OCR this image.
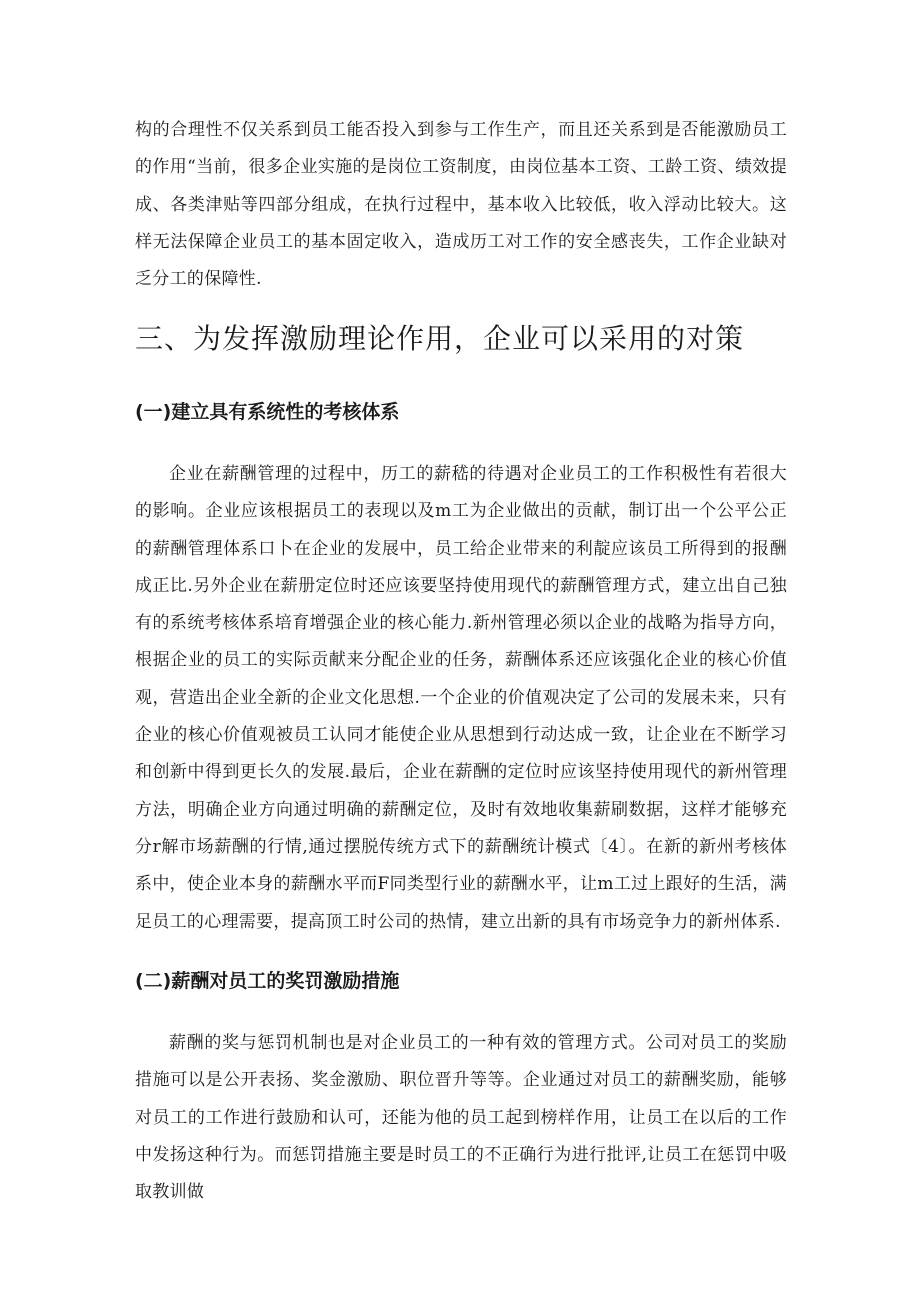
构的合理性不仅关系到员工能否投入到参与工作生产，而且还关系到是否能激励员工的作用“当前，很多企业实施的是岗位工资制度，由岗位基本工资、工龄工资、绩效提成、各类津贴等四部分组成，在执行过程中，基本收入比较低，收入浮动比较大。这样无法保障企业员工的基本固定收入，造成历工对工作的安全感丧失，工作企业缺对乏分工的保障性.

三、为发挥激励理论作用，企业可以采用的对策
(一)建立具有系统性的考核体系

企业在薪酬管理的过程中，历工的薪嵇的待遇对企业员工的工作积极性有若很大的影响。企业应该根据员工的表现以及m工为企业做出的贡献，制订出一个公平公正的薪酬管理体系口卜在企业的发展中，员工给企业带来的利靛应该员工所得到的报酬成正比.另外企业在薪册定位时还应该要坚持使用现代的薪酬管理方式，建立出自己独有的系统考核体系培育增强企业的核心能力.新州管理必须以企业的战略为指导方向，根据企业的员工的实际贡献来分配企业的任务，薪酬体系还应该强化企业的核心价值观，营造出企业全新的企业文化思想.一个企业的价值观决定了公司的发展未来，只有企业的核心价值观被员工认同才能使企业从思想到行动达成一致，让企业在不断学习和创新中得到更长久的发展.最后，企业在薪酬的定位时应该坚持使用现代的新州管理方法，明确企业方向通过明确的薪酬定位，及时有效地收集薪刷数据，这样才能够充分r解市场薪酬的行情,通过摆脱传统方式下的薪酬统计模式〔4〕。在新的新州考核体系中，使企业本身的薪酬水平而F同类型行业的薪酬水平，让m工过上跟好的生活，满足员工的心理需要，提高顶工时公司的热情，建立出新的具有市场竞争力的新州体系.

(二)薪酬对员工的奖罚激励措施

薪酬的奖与惩罚机制也是对企业员工的一种有效的管理方式。公司对员工的奖励措施可以是公开表扬、奖金激励、职位晋升等等。企业通过对员工的薪酬奖励，能够对员工的工作进行鼓励和认可，还能为他的员工起到榜样作用，让员工在以后的工作中发扬这种行为。而惩罚措施主要是时员工的不正确行为进行批评,让员工在惩罚中吸取教训做
